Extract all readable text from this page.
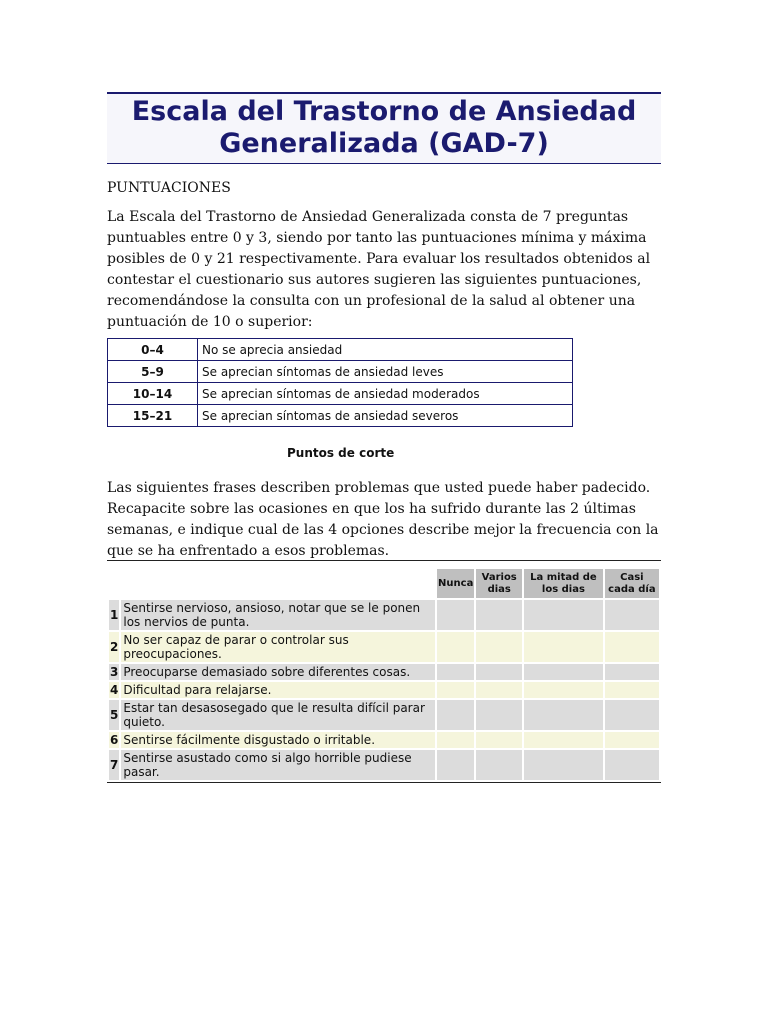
Escala del Trastorno de Ansiedad
Generalizada (GAD-7)
PUNTUACIONES
La Escala del Trastorno de Ansiedad Generalizada consta de 7 preguntas puntuables entre 0 y 3, siendo por tanto las puntuaciones mínima y máxima posibles de 0 y 21 respectivamente. Para evaluar los resultados obtenidos al contestar el cuestionario sus autores sugieren las siguientes puntuaciones, recomendándose la consulta con un profesional de la salud al obtener una puntuación de 10 o superior:
0–4	No se aprecia ansiedad
5–9	Se aprecian síntomas de ansiedad leves
10–14	Se aprecian síntomas de ansiedad moderados
15–21	Se aprecian síntomas de ansiedad severos
Puntos de corte
Las siguientes frases describen problemas que usted puede haber padecido. Recapacite sobre las ocasiones en que los ha sufrido durante las 2 últimas semanas, e indique cual de las 4 opciones describe mejor la frecuencia con la que se ha enfrentado a esos problemas.
		Nunca	Varios dias	La mitad de los dias	Casi cada día
1	Sentirse nervioso, ansioso, notar que se le ponen los nervios de punta.				
2	No ser capaz de parar o controlar sus preocupaciones.				
3	Preocuparse demasiado sobre diferentes cosas.				
4	Dificultad para relajarse.				
5	Estar tan desasosegado que le resulta difícil parar quieto.				
6	Sentirse fácilmente disgustado o irritable.				
7	Sentirse asustado como si algo horrible pudiese pasar.				
